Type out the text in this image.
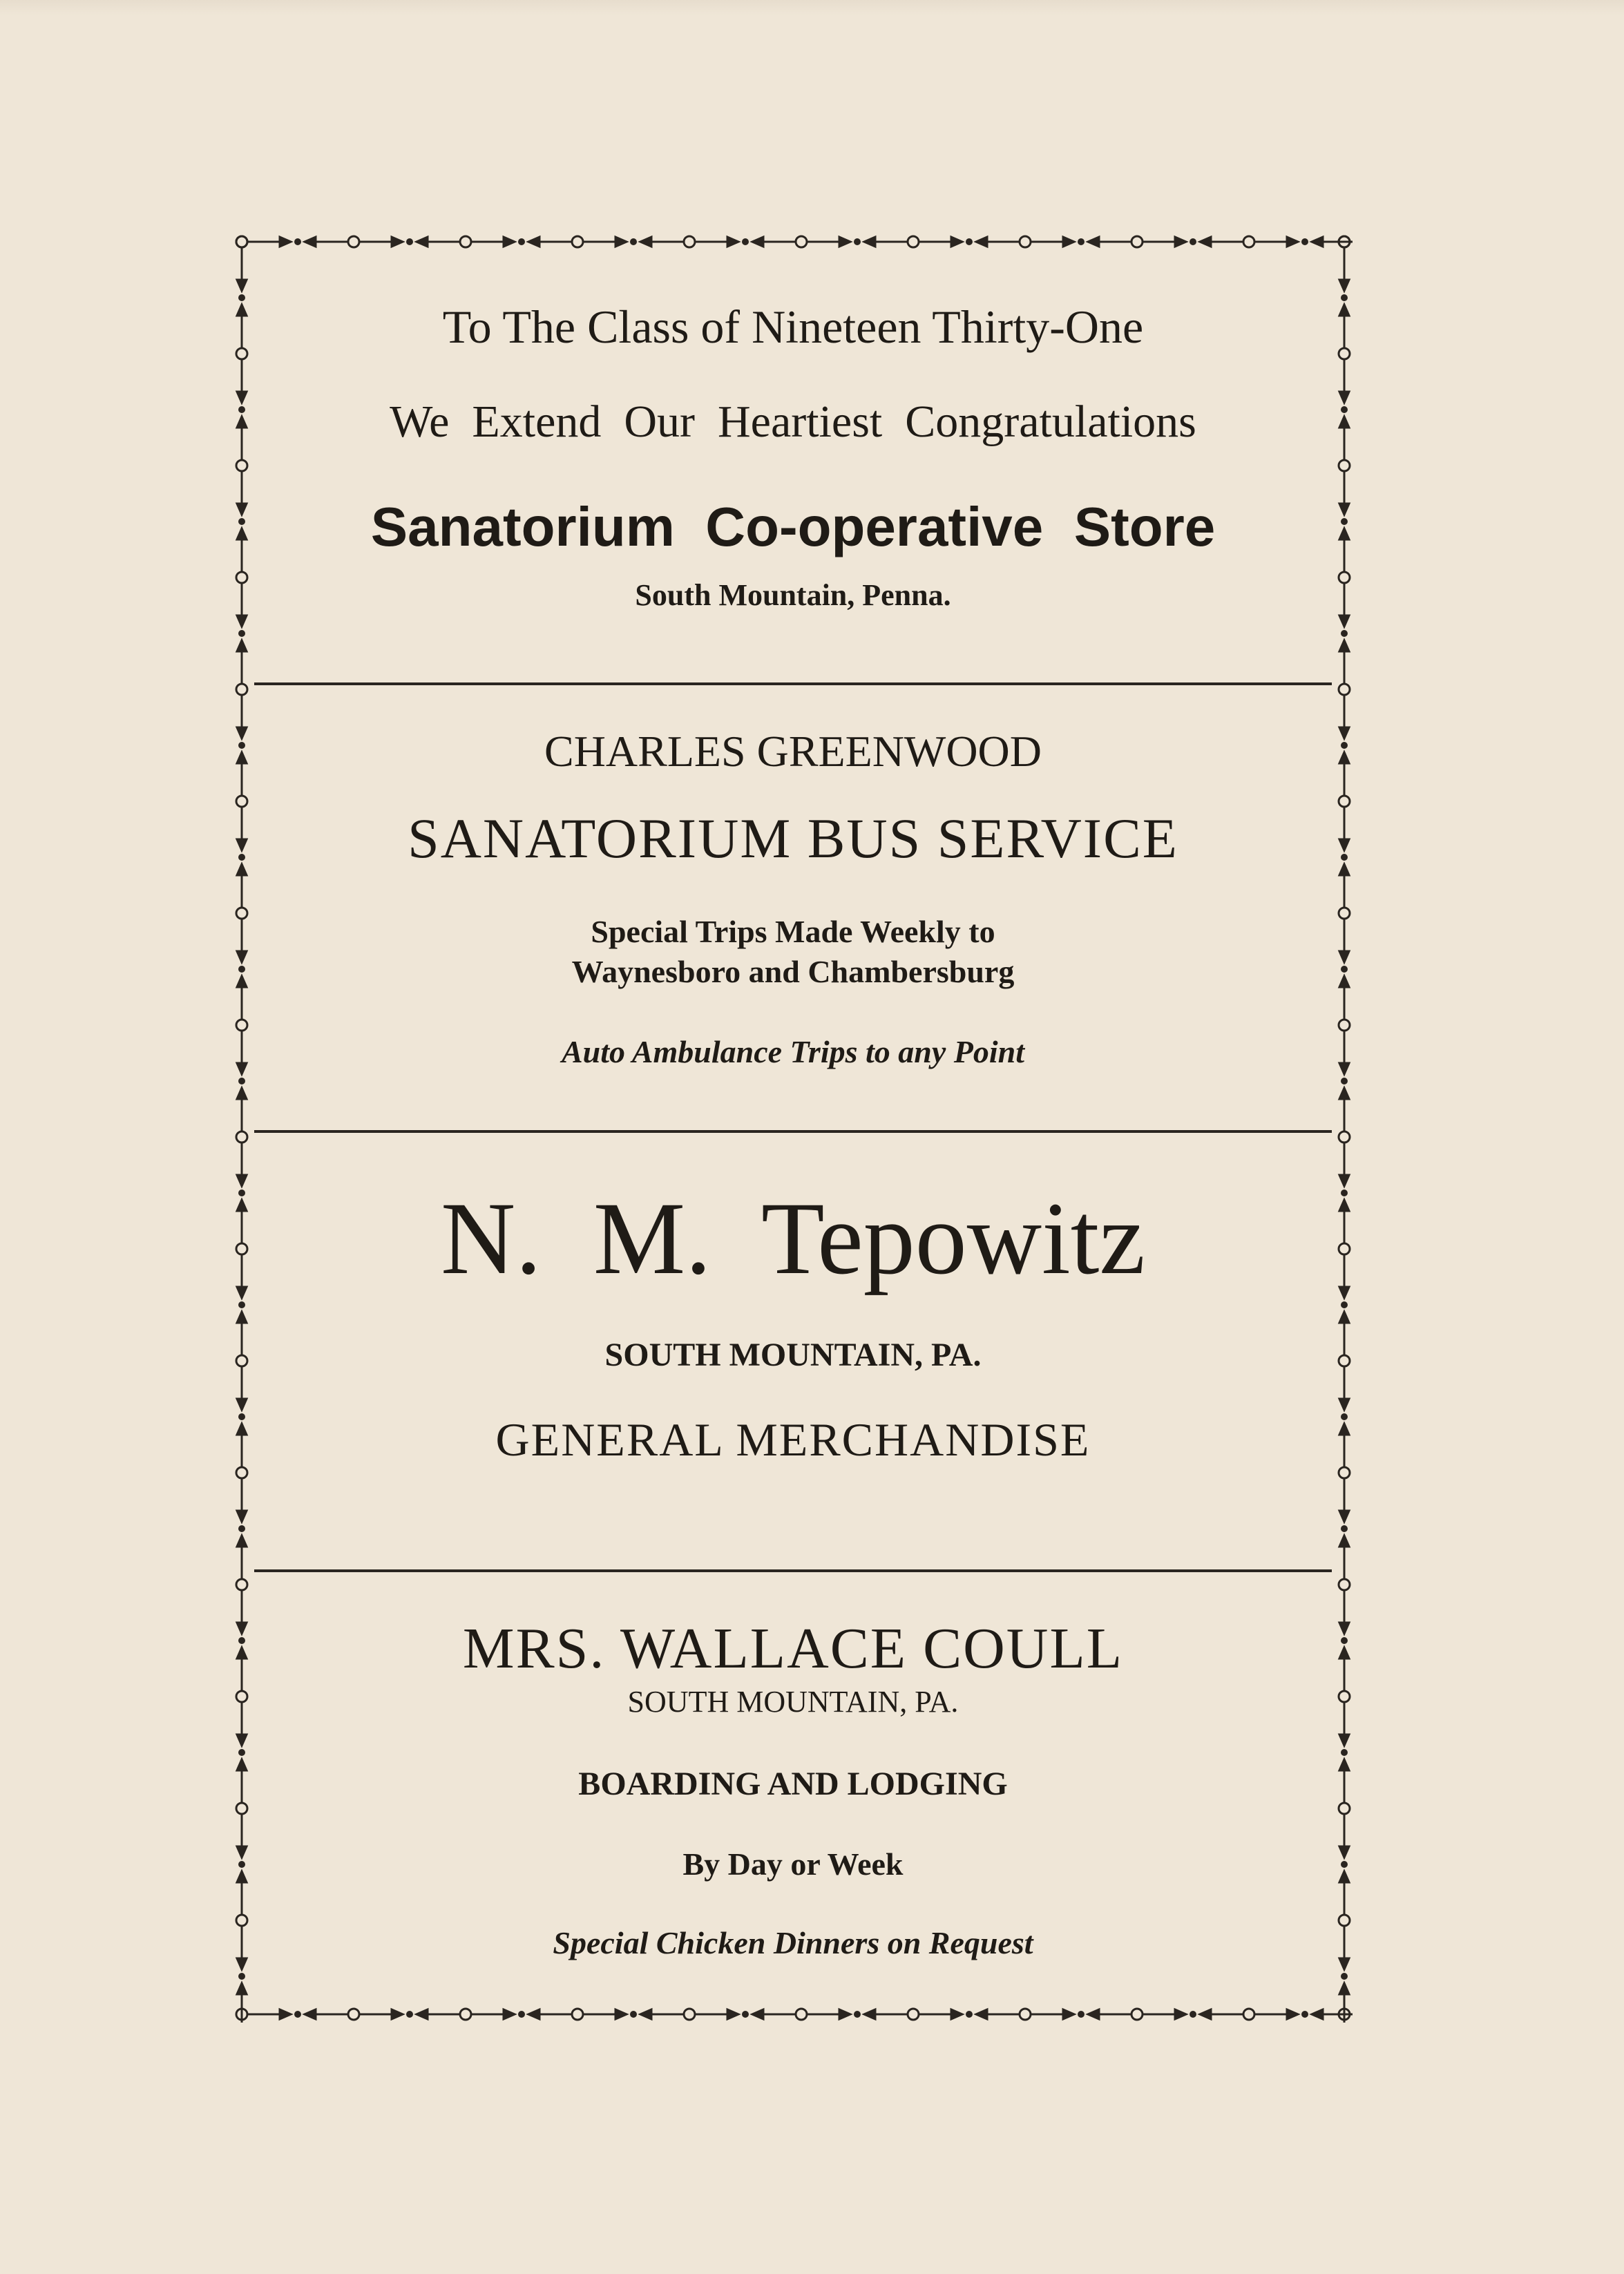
To The Class of Nineteen Thirty-One
We  Extend  Our  Heartiest  Congratulations
Sanatorium  Co-operative  Store
South Mountain, Penna.
CHARLES GREENWOOD
SANATORIUM BUS SERVICE
Special Trips Made Weekly to
Waynesboro and Chambersburg
Auto Ambulance Trips to any Point
N.  M.  Tepowitz
SOUTH MOUNTAIN, PA.
GENERAL MERCHANDISE
MRS. WALLACE COULL
SOUTH MOUNTAIN, PA.
BOARDING AND LODGING
By Day or Week
Special Chicken Dinners on Request
